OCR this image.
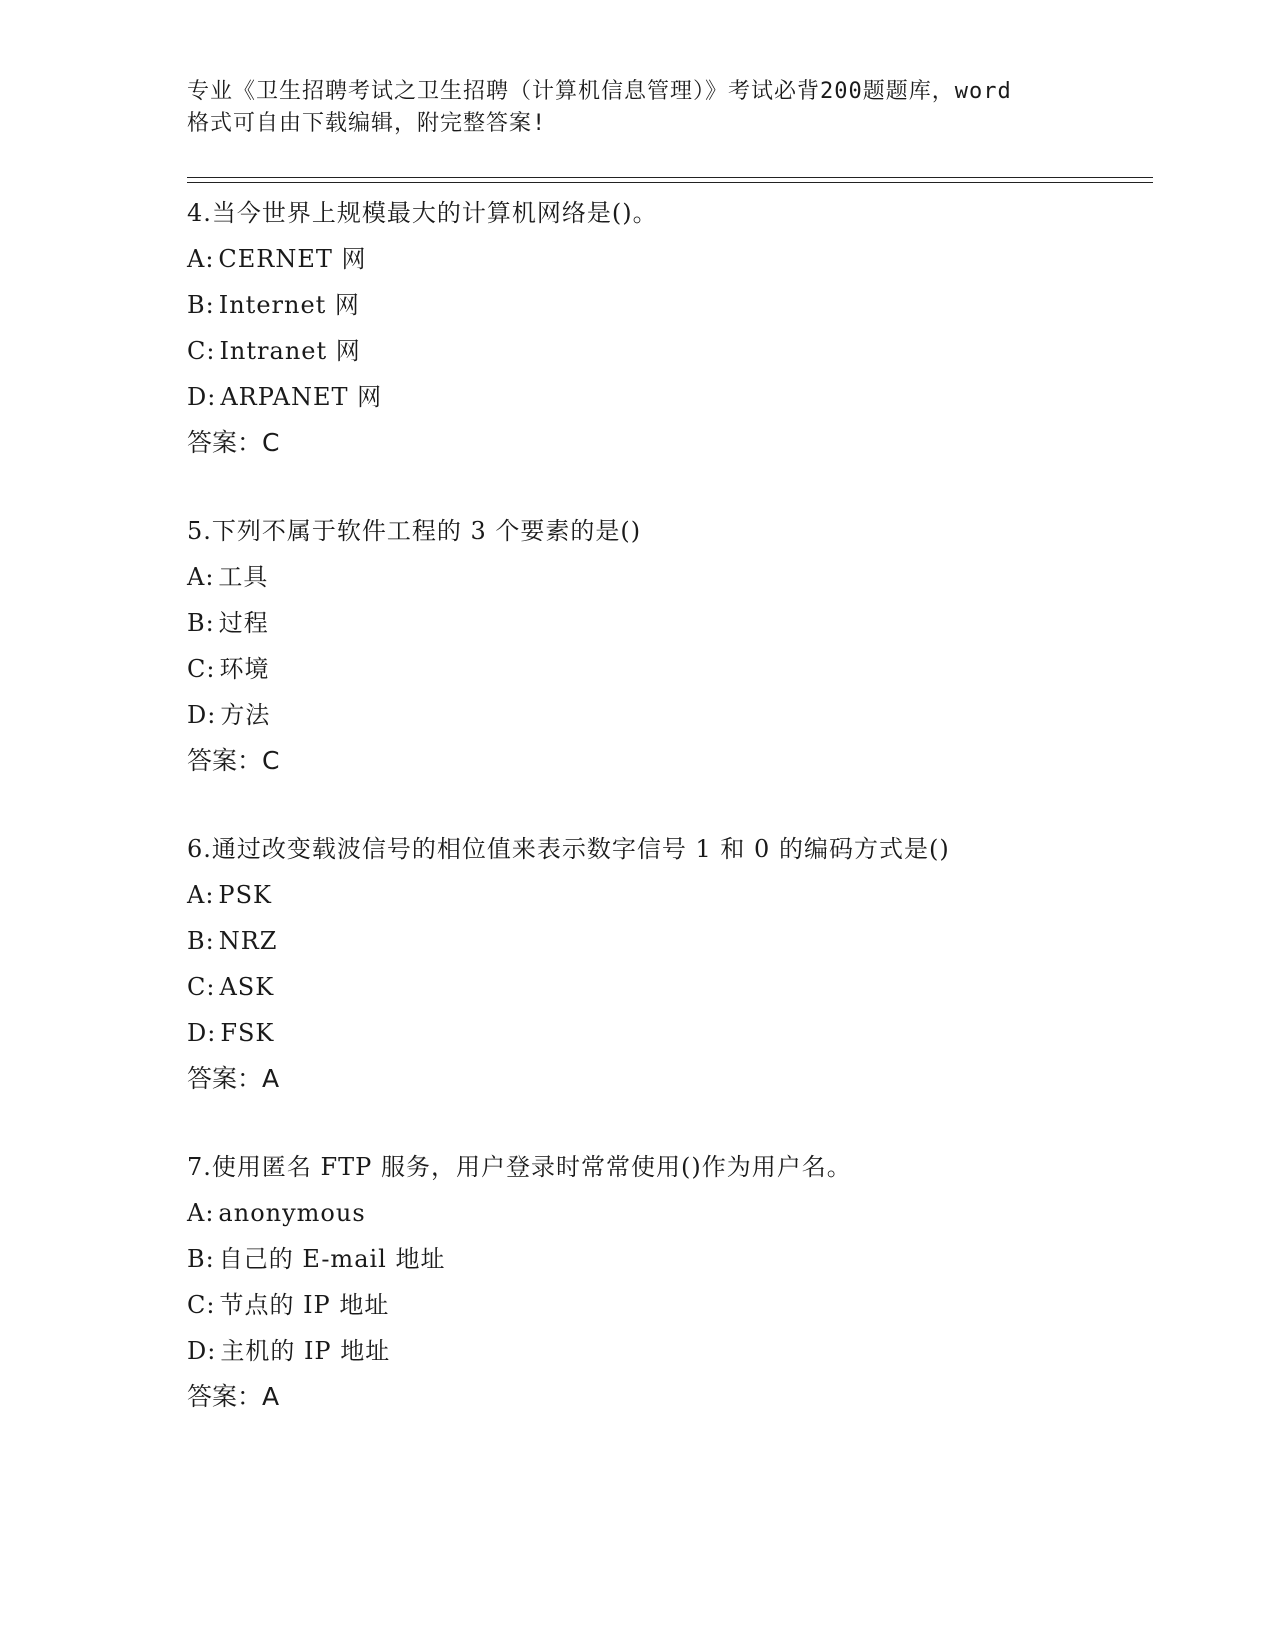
专业《卫生招聘考试之卫生招聘（计算机信息管理）》考试必背200题题库，word
格式可自由下载编辑，附完整答案!
4.当今世界上规模最大的计算机网络是()。
A: CERNET 网
B: Internet 网
C: Intranet 网
D: ARPANET 网
答案：C
5.下列不属于软件工程的 3 个要素的是()
A: 工具
B: 过程
C: 环境
D: 方法
答案：C
6.通过改变载波信号的相位值来表示数字信号 1 和 0 的编码方式是()
A: PSK
B: NRZ
C: ASK
D: FSK
答案：A
7.使用匿名 FTP 服务，用户登录时常常使用()作为用户名。
A: anonymous
B: 自己的 E-mail 地址
C: 节点的 IP 地址
D: 主机的 IP 地址
答案：A
